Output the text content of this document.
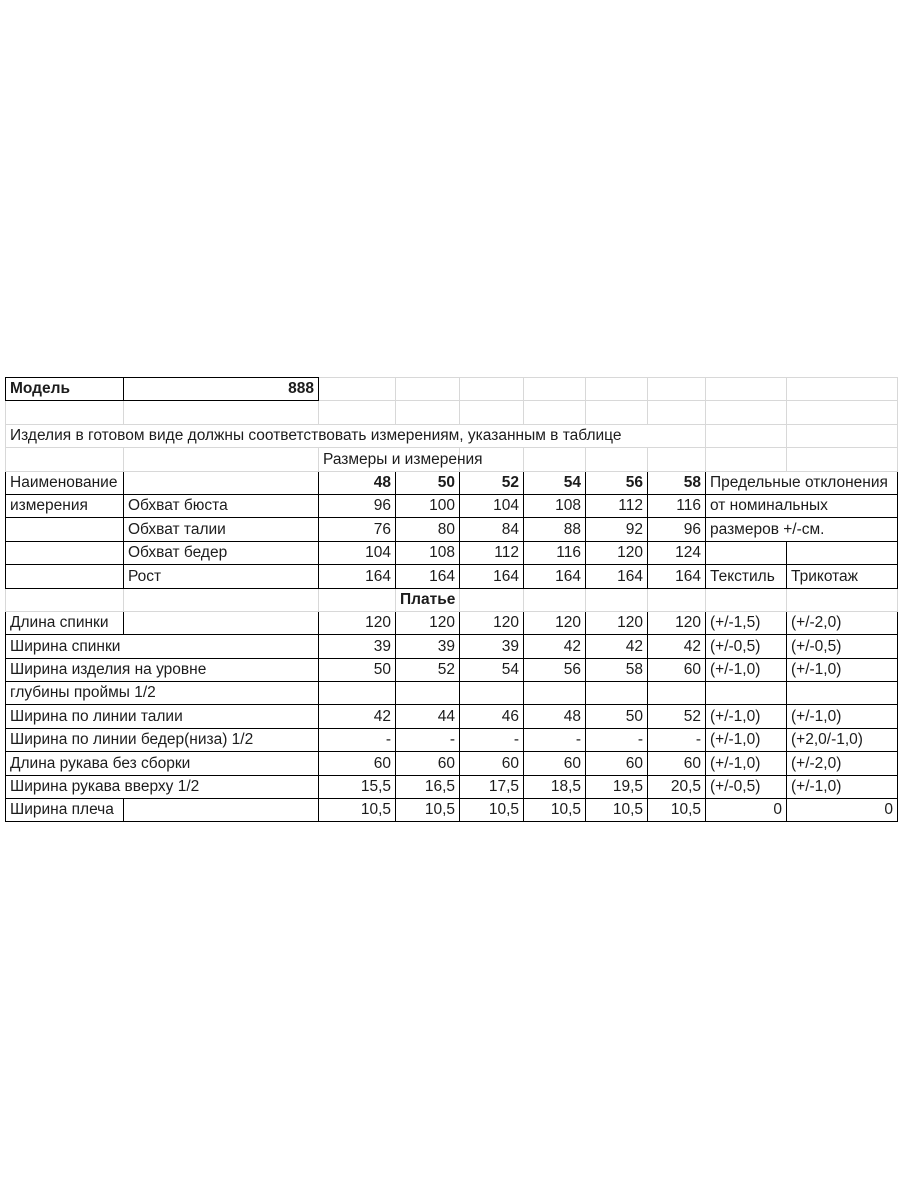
Модель	888								

Изделия в готовом виде должны соответствовать измерениям, указанным в таблице									
		Размеры и измерения							
Наименование		48	50	52	54	56	58	Предельные отклонения	
измерения	Обхват бюста	96	100	104	108	112	116	от номинальных	
	Обхват талии	76	80	84	88	92	96	размеров +/-см.	
	Обхват бедер	104	108	112	116	120	124		
	Рост	164	164	164	164	164	164	Текстиль	Трикотаж
			Платье						
Длина спинки		120	120	120	120	120	120	(+/-1,5)	(+/-2,0)
Ширина спинки		39	39	39	42	42	42	(+/-0,5)	(+/-0,5)
Ширина изделия на уровне		50	52	54	56	58	60	(+/-1,0)	(+/-1,0)
глубины проймы 1/2									
Ширина по линии талии		42	44	46	48	50	52	(+/-1,0)	(+/-1,0)
Ширина по линии бедер(низа) 1/2		-	-	-	-	-	-	(+/-1,0)	(+2,0/-1,0)
Длина рукава без сборки		60	60	60	60	60	60	(+/-1,0)	(+/-2,0)
Ширина рукава вверху 1/2		15,5	16,5	17,5	18,5	19,5	20,5	(+/-0,5)	(+/-1,0)
Ширина плеча		10,5	10,5	10,5	10,5	10,5	10,5	0	0
